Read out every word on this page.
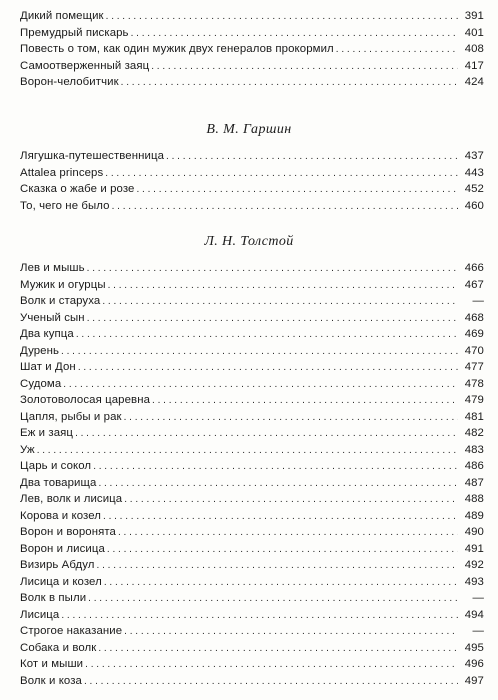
Дикий помещик . . .	391
Премудрый пискарь . . .	401
Повесть о том, как один мужик двух генералов прокормил . . .	408
Самоотверженный заяц . . .	417
Ворон-челобитчик . . .	424
В. М. Гаршин
Лягушка-путешественница . . .	437
Attalea princeps . . .	443
Сказка о жабе и розе . . .	452
То, чего не было . . .	460
Л. Н. Толстой
Лев и мышь . . .	466
Мужик и огурцы . . .	467
Волк и старуха . . .	—
Ученый сын . . .	468
Два купца . . .	469
Дурень . . .	470
Шат и Дон . . .	477
Судома . . .	478
Золотоволосая царевна . . .	479
Цапля, рыбы и рак . . .	481
Еж и заяц . . .	482
Уж . . .	483
Царь и сокол . . .	486
Два товарища . . .	487
Лев, волк и лисица . . .	488
Корова и козел . . .	489
Ворон и воронята . . .	490
Ворон и лисица . . .	491
Визирь Абдул . . .	492
Лисица и козел . . .	493
Волк в пыли . . .	—
Лисица . . .	494
Строгое наказание . . .	—
Собака и волк . . .	495
Кот и мыши . . .	496
Волк и коза . . .	497
